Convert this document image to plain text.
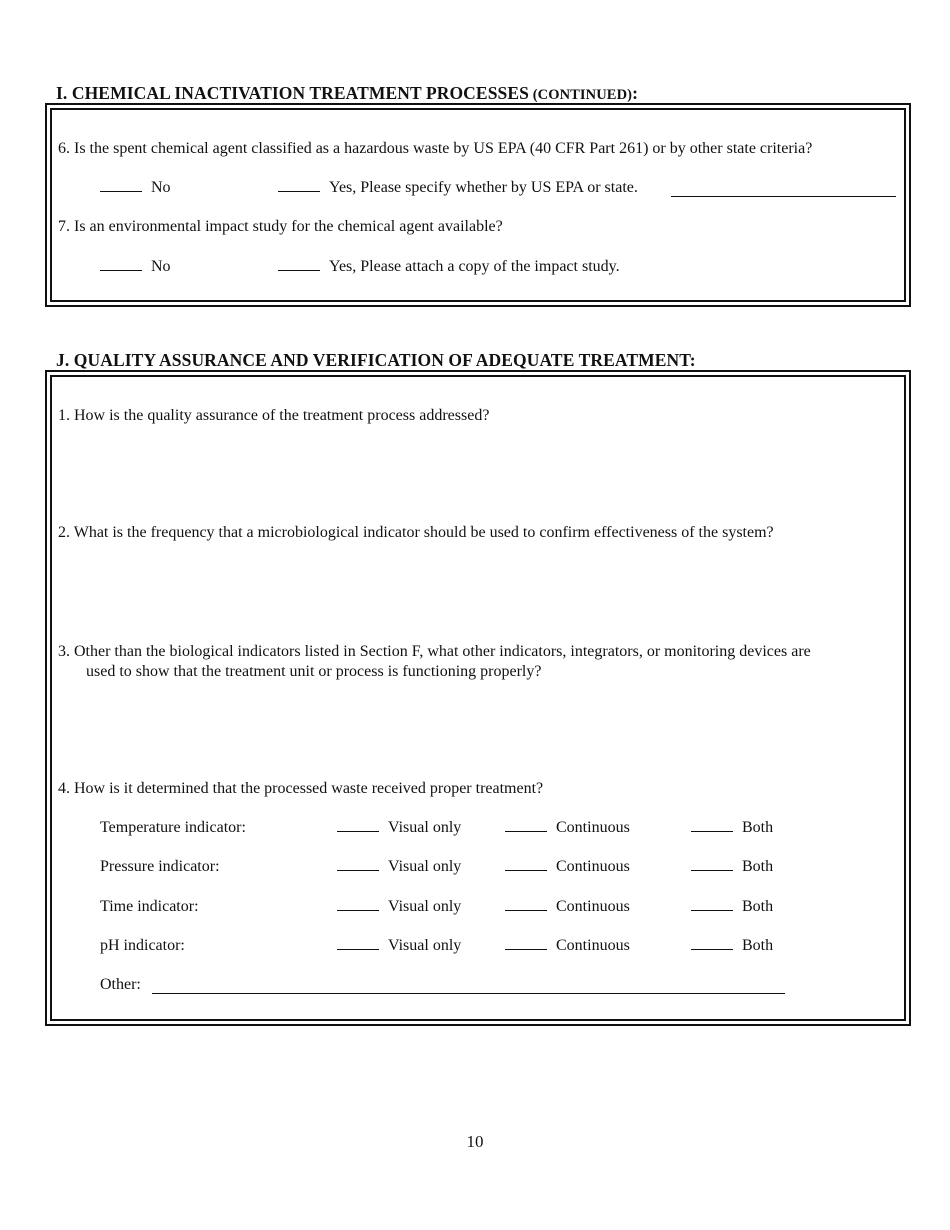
I. CHEMICAL INACTIVATION TREATMENT PROCESSES (CONTINUED):
6. Is the spent chemical agent classified as a hazardous waste by US EPA (40 CFR Part 261) or by other state criteria?
No	Yes, Please specify whether by US EPA or state.
7. Is an environmental impact study for the chemical agent available?
No	Yes, Please attach a copy of the impact study.
J. QUALITY ASSURANCE AND VERIFICATION OF ADEQUATE TREATMENT:
1. How is the quality assurance of the treatment process addressed?
2. What is the frequency that a microbiological indicator should be used to confirm effectiveness of the system?
3. Other than the biological indicators listed in Section F, what other indicators, integrators, or monitoring devices are
used to show that the treatment unit or process is functioning properly?
4. How is it determined that the processed waste received proper treatment?
Temperature indicator:	Visual only	Continuous	Both
Pressure indicator:	Visual only	Continuous	Both
Time indicator:	Visual only	Continuous	Both
pH indicator:	Visual only	Continuous	Both
Other:
10
